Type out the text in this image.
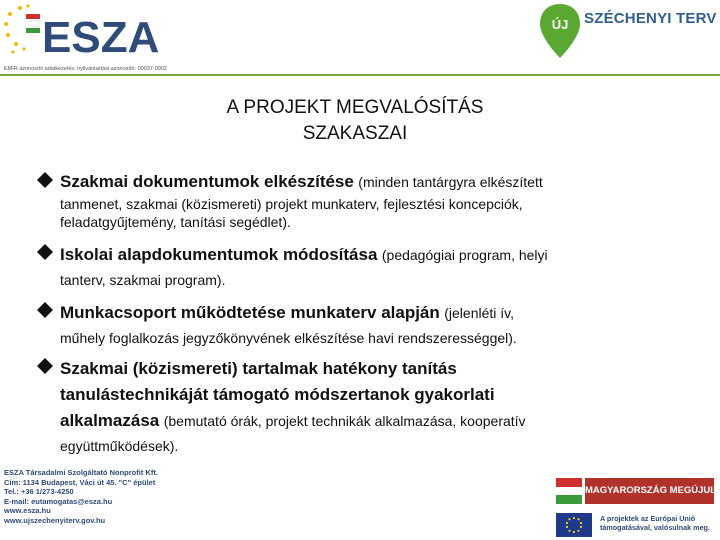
ESZA
EMIR azonosító adatkezelés: nyilvántartási azonosító: 00937-0002
ÚJ SZÉCHENYI TERV
A PROJEKT MEGVALÓSÍTÁS
SZAKASZAI
Szakmai dokumentumok elkészítése (minden tantárgyra elkészített
tanmenet, szakmai (közismereti) projekt munkaterv, fejlesztési koncepciók,
feladatgyűjtemény, tanítási segédlet).
Iskolai alapdokumentumok módosítása (pedagógiai program, helyi
tanterv, szakmai program).
Munkacsoport működtetése munkaterv alapján (jelenléti ív,
műhely foglalkozás jegyzőkönyvének elkészítése havi rendszerességgel).
Szakmai (közismereti) tartalmak hatékony tanítás
tanulástechnikáját támogató módszertanok gyakorlati
alkalmazása (bemutató órák, projekt technikák alkalmazása, kooperatív
együttműködések).
ESZA Társadalmi Szolgáltató Nonprofit Kft.
Cím: 1134 Budapest, Váci út 45. "C" épület
Tel.: +36 1/273-4250
E-mail: eutamogatas@esza.hu
www.esza.hu
www.ujszechenyiterv.gov.hu
MAGYARORSZÁG MEGÚJUL
A projektek az Európai Unió
támogatásával, valósulnak meg.
